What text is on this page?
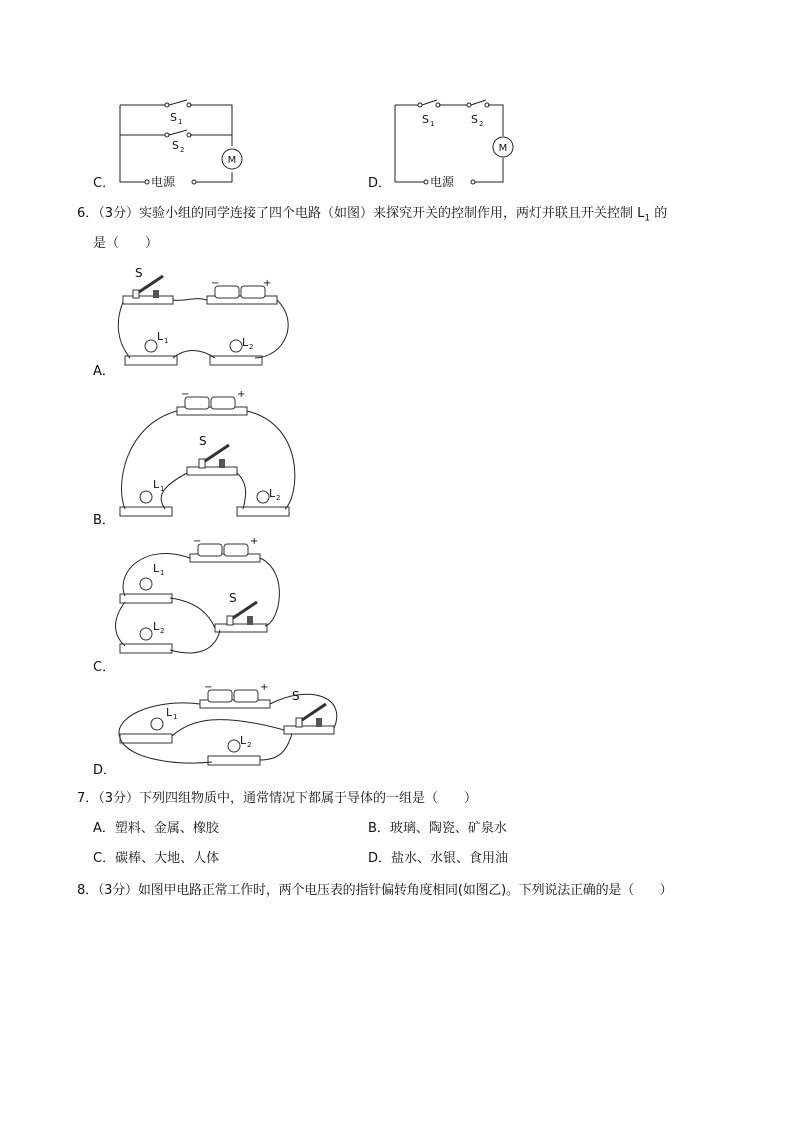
C．
M
S 1
S 2
电源	D．
M
S 1	S 2
电源
6．（3分）实验小组的同学连接了四个电路（如图）来探究开关的控制作用，两灯并联且开关控制 $L_1$ 的
是（　　）
A．
S
−	+
L 1	L 2
B．
−	+
S
L 1	L 2
C．
−	+
L 1
S
L 2
D．
−	+
S
L 1
L 2
7．（3分）下列四组物质中，通常情况下都属于导体的一组是（　　）
A．塑料、金属、橡胶	B．玻璃、陶瓷、矿泉水
C．碳棒、大地、人体	D．盐水、水银、食用油
8．（3分）如图甲电路正常工作时，两个电压表的指针偏转角度相同(如图乙)。下列说法正确的是（　　）
